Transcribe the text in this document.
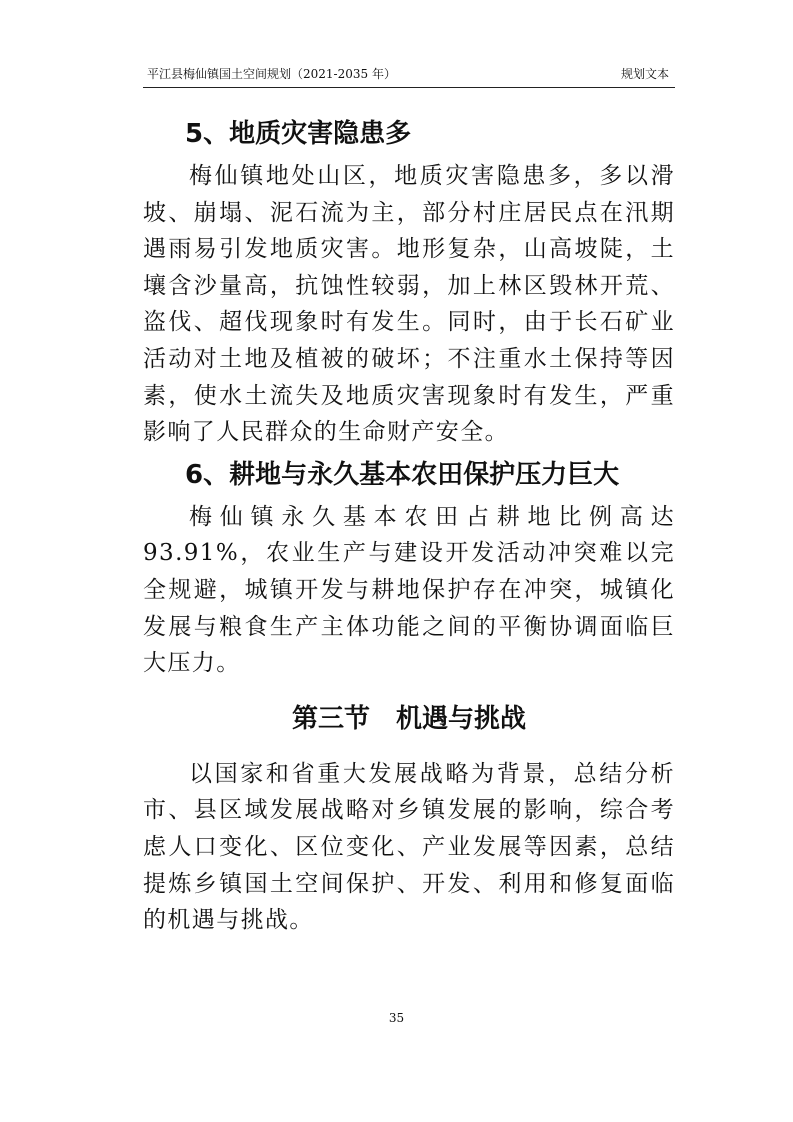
平江县梅仙镇国土空间规划（2021-2035 年）	规划文本
5、地质灾害隐患多

梅仙镇地处山区，地质灾害隐患多，多以滑坡、崩塌、泥石流为主，部分村庄居民点在汛期遇雨易引发地质灾害。地形复杂，山高坡陡，土壤含沙量高，抗蚀性较弱，加上林区毁林开荒、盗伐、超伐现象时有发生。同时，由于长石矿业活动对土地及植被的破坏；不注重水土保持等因素，使水土流失及地质灾害现象时有发生，严重影响了人民群众的生命财产安全。

6、耕地与永久基本农田保护压力巨大

梅仙镇永久基本农田占耕地比例高达 93.91%，农业生产与建设开发活动冲突难以完全规避，城镇开发与耕地保护存在冲突，城镇化发展与粮食生产主体功能之间的平衡协调面临巨大压力。

第三节　机遇与挑战

以国家和省重大发展战略为背景，总结分析市、县区域发展战略对乡镇发展的影响，综合考虑人口变化、区位变化、产业发展等因素，总结提炼乡镇国土空间保护、开发、利用和修复面临的机遇与挑战。

35
